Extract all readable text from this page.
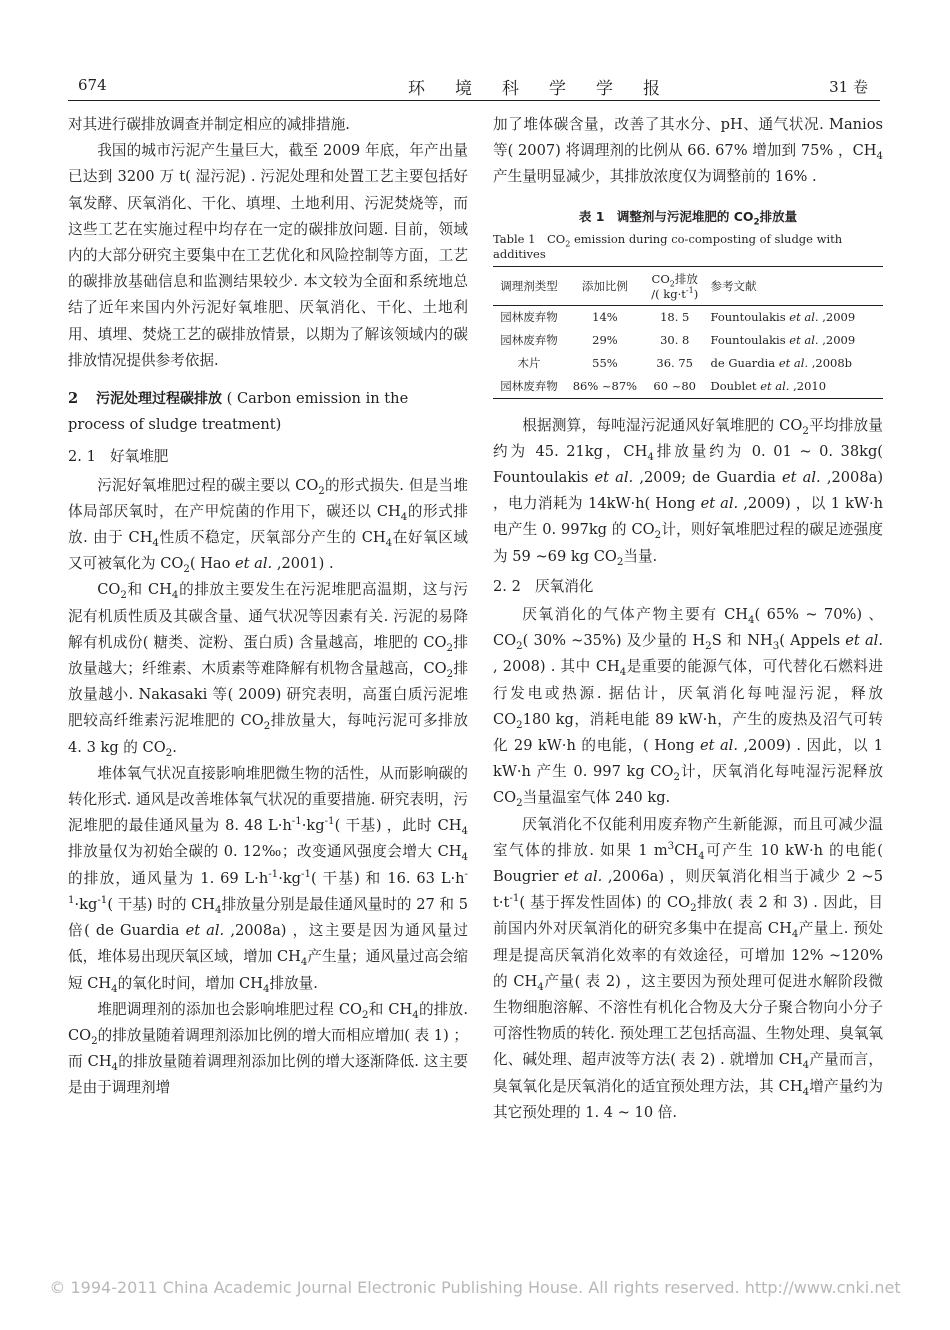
674	环境科学学报	31 卷

对其进行碳排放调查并制定相应的减排措施.

我国的城市污泥产生量巨大，截至 2009 年底，年产出量已达到 3200 万 t( 湿污泥) . 污泥处理和处置工艺主要包括好氧发酵、厌氧消化、干化、填埋、土地利用、污泥焚烧等，而这些工艺在实施过程中均存在一定的碳排放问题. 目前，领域内的大部分研究主要集中在工艺优化和风险控制等方面，工艺的碳排放基础信息和监测结果较少. 本文较为全面和系统地总结了近年来国内外污泥好氧堆肥、厌氧消化、干化、土地利用、填埋、焚烧工艺的碳排放情景，以期为了解该领域内的碳排放情况提供参考依据.

2 污泥处理过程碳排放 ( Carbon emission in the process of sludge treatment)
2. 1 好氧堆肥

污泥好氧堆肥过程的碳主要以 $CO_2$的形式损失. 但是当堆体局部厌氧时，在产甲烷菌的作用下，碳还以 $CH_4$的形式排放. 由于 $CH_4$性质不稳定，厌氧部分产生的 $CH_4$在好氧区域又可被氧化为 $CO_2$( Hao et al. ,2001) .

$CO_2$和 $CH_4$的排放主要发生在污泥堆肥高温期，这与污泥有机质性质及其碳含量、通气状况等因素有关. 污泥的易降解有机成份( 糖类、淀粉、蛋白质) 含量越高，堆肥的 $CO_2$排放量越大；纤维素、木质素等难降解有机物含量越高，$CO_2$排放量越小. Nakasaki 等( 2009) 研究表明，高蛋白质污泥堆肥较高纤维素污泥堆肥的 $CO_2$排放量大，每吨污泥可多排放 4. 3 kg 的 $CO_2$.

堆体氧气状况直接影响堆肥微生物的活性，从而影响碳的转化形式. 通风是改善堆体氧气状况的重要措施. 研究表明，污泥堆肥的最佳通风量为 8. 48 $L\cdot h^{-1}\cdot kg^{-1}$( 干基) ，此时 $CH_4$排放量仅为初始全碳的 0. 12‰；改变通风强度会增大 $CH_4$的排放，通风量为 1. 69 $L\cdot h^{-1}\cdot kg^{-1}$( 干基) 和 16. 63 $L\cdot h^{-1}\cdot kg^{-1}$( 干基) 时的 $CH_4$排放量分别是最佳通风量时的 27 和 5 倍( de Guardia et al. ,2008a) ，这主要是因为通风量过低，堆体易出现厌氧区域，增加 $CH_4$产生量；通风量过高会缩短 $CH_4$的氧化时间，增加 $CH_4$排放量.

堆肥调理剂的添加也会影响堆肥过程 $CO_2$和 $CH_4$的排放. $CO_2$的排放量随着调理剂添加比例的增大而相应增加( 表 1) ；而 $CH_4$的排放量随着调理剂添加比例的增大逐渐降低. 这主要是由于调理剂增

加了堆体碳含量，改善了其水分、pH、通气状况. Manios 等( 2007) 将调理剂的比例从 66. 67% 增加到 75% ，$CH_4$产生量明显减少，其排放浓度仅为调整前的 16% .

表 1　调整剂与污泥堆肥的 $CO_2$排放量
Table 1　$CO_2$ emission during co-composting of sludge with additives
调理剂类型	添加比例	$CO_2$排放
/( $kg\cdot t^{-1}$)	参考文献
园林废弃物	14%	18. 5	Fountoulakis et al. ,2009
园林废弃物	29%	30. 8	Fountoulakis et al. ,2009
木片	55%	36. 75	de Guardia et al. ,2008b
园林废弃物	86% ~87%	60 ~80	Doublet et al. ,2010

根据测算，每吨湿污泥通风好氧堆肥的 $CO_2$平均排放量约为 45. 21kg，$CH_4$排放量约为 0. 01 ~ 0. 38kg( Fountoulakis et al. ,2009; de Guardia et al. ,2008a) ，电力消耗为 14kW·h( Hong et al. ,2009) ，以 1 kW·h 电产生 0. 997kg 的 $CO_2$计，则好氧堆肥过程的碳足迹强度为 59 ~69 kg $CO_2$当量.

2. 2 厌氧消化

厌氧消化的气体产物主要有 $CH_4$( 65% ~ 70%) 、$CO_2$( 30% ~35%) 及少量的 $H_2S$ 和 $NH_3$( Appels et al. , 2008) . 其中 $CH_4$是重要的能源气体，可代替化石燃料进行发电或热源. 据估计，厌氧消化每吨湿污泥，释放 $CO_2180$ kg，消耗电能 89 kW·h，产生的废热及沼气可转化 29 kW·h 的电能，( Hong et al. ,2009) . 因此，以 1 kW·h 产生 0. 997 kg $CO_2$计，厌氧消化每吨湿污泥释放 $CO_2$当量温室气体 240 kg.

厌氧消化不仅能利用废弃物产生新能源，而且可减少温室气体的排放. 如果 1 $m^3CH_4$可产生 10 kW·h 的电能( Bougrier et al. ,2006a) ，则厌氧消化相当于减少 2 ~5 $t\cdot t^{-1}$( 基于挥发性固体) 的 $CO_2$排放( 表 2 和 3) . 因此，目前国内外对厌氧消化的研究多集中在提高 $CH_4$产量上. 预处理是提高厌氧消化效率的有效途径，可增加 12% ~120% 的 $CH_4$产量( 表 2) ，这主要因为预处理可促进水解阶段微生物细胞溶解、不溶性有机化合物及大分子聚合物向小分子可溶性物质的转化. 预处理工艺包括高温、生物处理、臭氧氧化、碱处理、超声波等方法( 表 2) . 就增加 $CH_4$产量而言，臭氧氧化是厌氧消化的适宜预处理方法，其 $CH_4$增产量约为其它预处理的 1. 4 ~ 10 倍.

© 1994-2011 China Academic Journal Electronic Publishing House. All rights reserved. http://www.cnki.net
